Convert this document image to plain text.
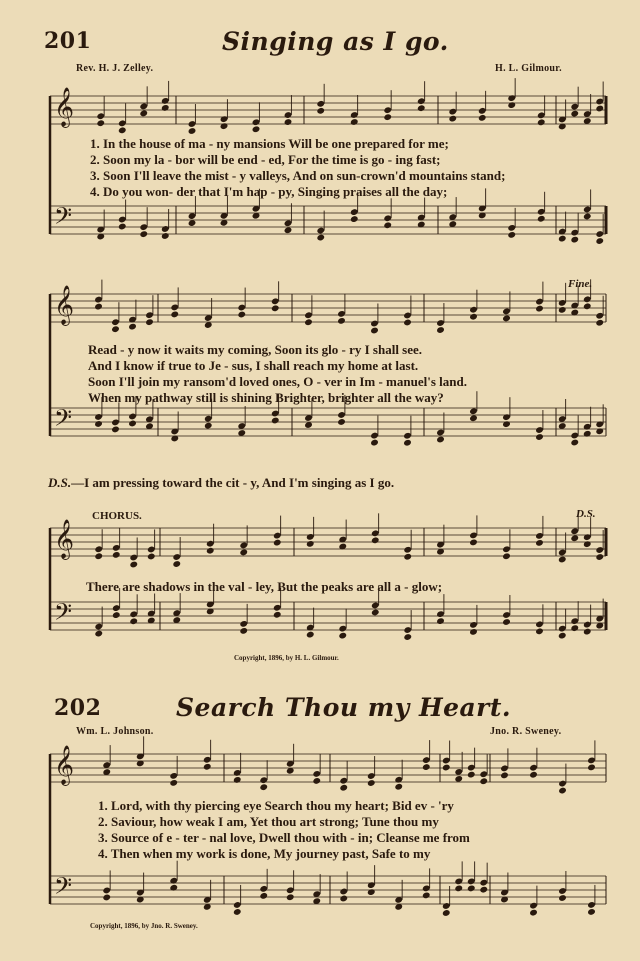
201	Singing as I go.
Rev. H. J. Zelley.	H. L. Gilmour.
𝄞
𝄢
1. In the house of ma - ny mansions Will be one prepared for me;
2. Soon my la - bor will be end - ed, For the time is go - ing fast;
3. Soon I'll leave the mist - y valleys, And on sun-crown'd mountains stand;
4. Do you won- der that I'm hap - py, Singing praises all the day;
Fine.
𝄞
𝄢
Read - y now it waits my coming, Soon its glo - ry I shall see.
And I know if true to Je - sus, I shall reach my home at last.
Soon I'll join my ransom'd loved ones, O - ver in Im - manuel's land.
When my pathway still is shining Brighter, brighter all the way?
D.S.—I am pressing toward the cit - y, And I'm singing as I go.
CHORUS.	D.S.
𝄞
𝄢
There are shadows in the val - ley, But the peaks are all a - glow;
Copyright, 1896, by H. L. Gilmour.
202	Search Thou my Heart.
Wm. L. Johnson.	Jno. R. Sweney.
𝄞
𝄢
1. Lord, with thy piercing eye Search thou my heart; Bid ev - 'ry
2. Saviour, how weak I am, Yet thou art strong; Tune thou my
3. Source of e - ter - nal love, Dwell thou with - in; Cleanse me from
4. Then when my work is done, My journey past, Safe to my
Copyright, 1896, by Jno. R. Sweney.
